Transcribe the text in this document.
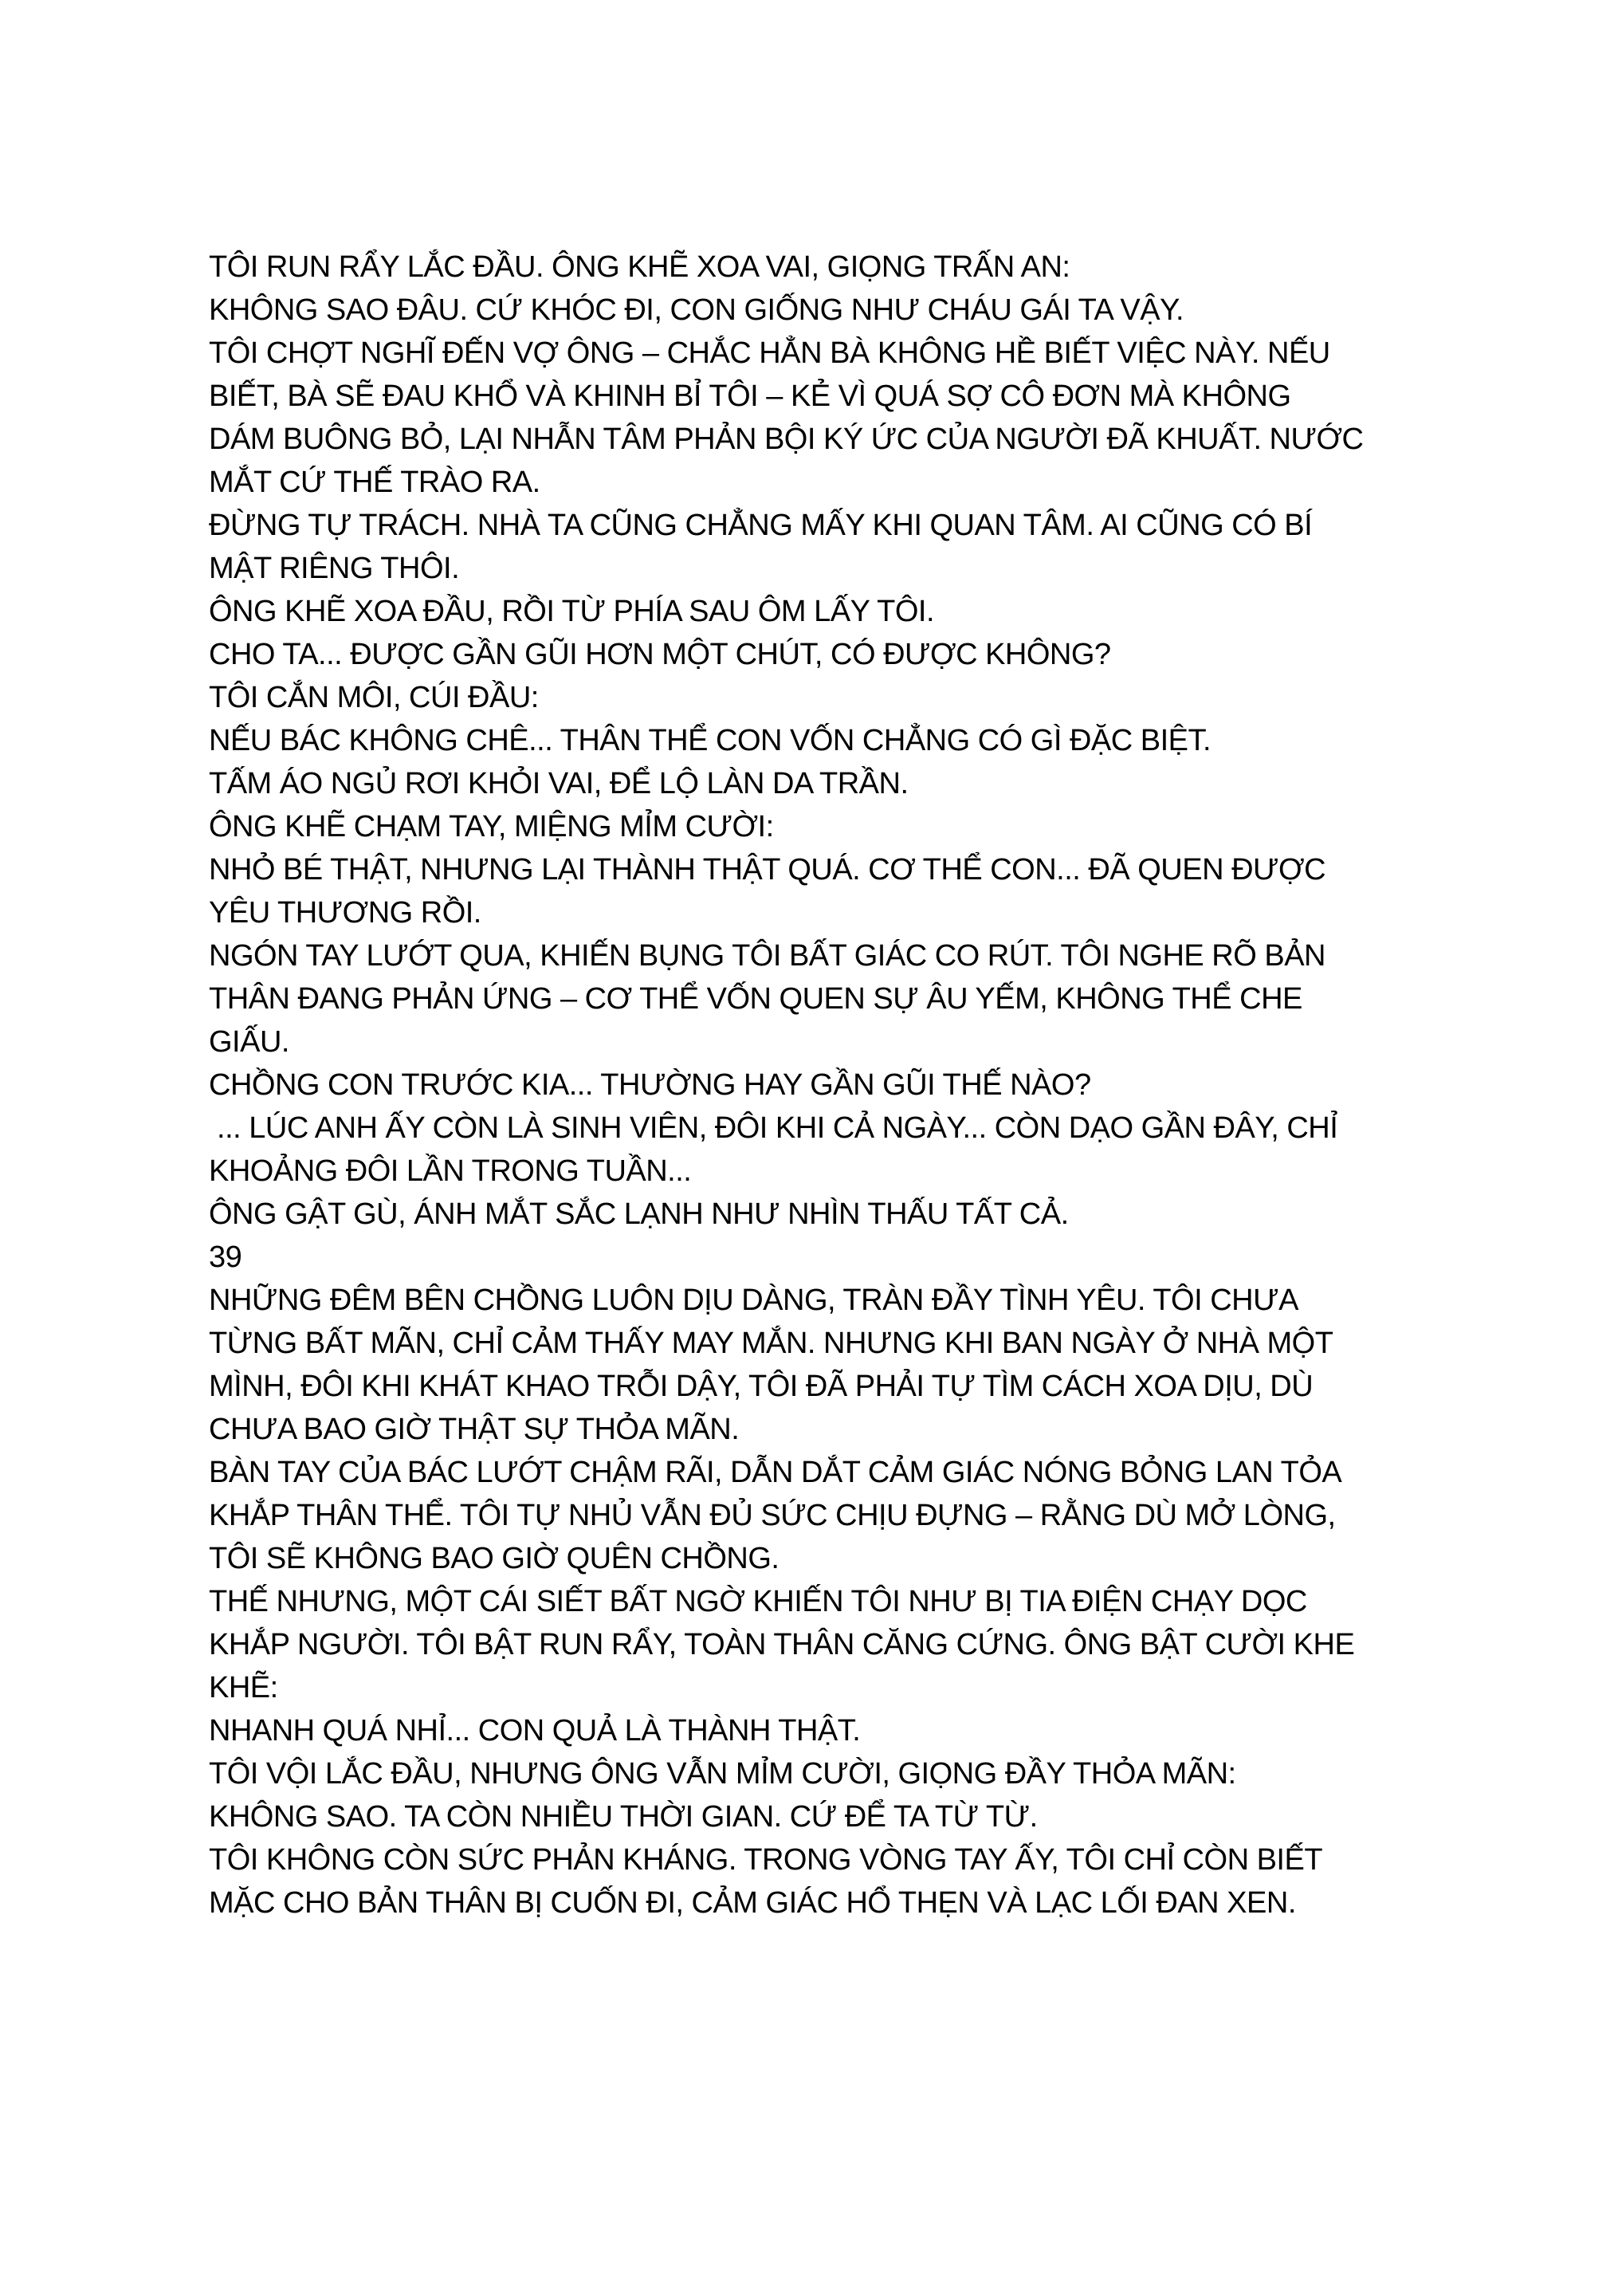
TÔI RUN RẨY LẮC ĐẦU. ÔNG KHẼ XOA VAI, GIỌNG TRẤN AN:
KHÔNG SAO ĐÂU. CỨ KHÓC ĐI, CON GIỐNG NHƯ CHÁU GÁI TA VẬY.
TÔI CHỢT NGHĨ ĐẾN VỢ ÔNG – CHẮC HẲN BÀ KHÔNG HỀ BIẾT VIỆC NÀY. NẾU
BIẾT, BÀ SẼ ĐAU KHỔ VÀ KHINH BỈ TÔI – KẺ VÌ QUÁ SỢ CÔ ĐƠN MÀ KHÔNG
DÁM BUÔNG BỎ, LẠI NHẪN TÂM PHẢN BỘI KÝ ỨC CỦA NGƯỜI ĐÃ KHUẤT. NƯỚC
MẮT CỨ THẾ TRÀO RA.
ĐỪNG TỰ TRÁCH. NHÀ TA CŨNG CHẲNG MẤY KHI QUAN TÂM. AI CŨNG CÓ BÍ
MẬT RIÊNG THÔI.
ÔNG KHẼ XOA ĐẦU, RỒI TỪ PHÍA SAU ÔM LẤY TÔI.
CHO TA... ĐƯỢC GẦN GŨI HƠN MỘT CHÚT, CÓ ĐƯỢC KHÔNG?
TÔI CẮN MÔI, CÚI ĐẦU:
NẾU BÁC KHÔNG CHÊ... THÂN THỂ CON VỐN CHẲNG CÓ GÌ ĐẶC BIỆT.
TẤM ÁO NGỦ RƠI KHỎI VAI, ĐỂ LỘ LÀN DA TRẦN.
ÔNG KHẼ CHẠM TAY, MIỆNG MỈM CƯỜI:
NHỎ BÉ THẬT, NHƯNG LẠI THÀNH THẬT QUÁ. CƠ THỂ CON... ĐÃ QUEN ĐƯỢC
YÊU THƯƠNG RỒI.
NGÓN TAY LƯỚT QUA, KHIẾN BỤNG TÔI BẤT GIÁC CO RÚT. TÔI NGHE RÕ BẢN
THÂN ĐANG PHẢN ỨNG – CƠ THỂ VỐN QUEN SỰ ÂU YẾM, KHÔNG THỂ CHE
GIẤU.
CHỒNG CON TRƯỚC KIA... THƯỜNG HAY GẦN GŨI THẾ NÀO?
... LÚC ANH ẤY CÒN LÀ SINH VIÊN, ĐÔI KHI CẢ NGÀY... CÒN DẠO GẦN ĐÂY, CHỈ
KHOẢNG ĐÔI LẦN TRONG TUẦN...
ÔNG GẬT GÙ, ÁNH MẮT SẮC LẠNH NHƯ NHÌN THẤU TẤT CẢ.
39
NHỮNG ĐÊM BÊN CHỒNG LUÔN DỊU DÀNG, TRÀN ĐẦY TÌNH YÊU. TÔI CHƯA
TỪNG BẤT MÃN, CHỈ CẢM THẤY MAY MẮN. NHƯNG KHI BAN NGÀY Ở NHÀ MỘT
MÌNH, ĐÔI KHI KHÁT KHAO TRỖI DẬY, TÔI ĐÃ PHẢI TỰ TÌM CÁCH XOA DỊU, DÙ
CHƯA BAO GIỜ THẬT SỰ THỎA MÃN.
BÀN TAY CỦA BÁC LƯỚT CHẬM RÃI, DẪN DẮT CẢM GIÁC NÓNG BỎNG LAN TỎA
KHẮP THÂN THỂ. TÔI TỰ NHỦ VẪN ĐỦ SỨC CHỊU ĐỰNG – RẰNG DÙ MỞ LÒNG,
TÔI SẼ KHÔNG BAO GIỜ QUÊN CHỒNG.
THẾ NHƯNG, MỘT CÁI SIẾT BẤT NGỜ KHIẾN TÔI NHƯ BỊ TIA ĐIỆN CHẠY DỌC
KHẮP NGƯỜI. TÔI BẬT RUN RẨY, TOÀN THÂN CĂNG CỨNG. ÔNG BẬT CƯỜI KHE
KHẼ:
NHANH QUÁ NHỈ... CON QUẢ LÀ THÀNH THẬT.
TÔI VỘI LẮC ĐẦU, NHƯNG ÔNG VẪN MỈM CƯỜI, GIỌNG ĐẦY THỎA MÃN:
KHÔNG SAO. TA CÒN NHIỀU THỜI GIAN. CỨ ĐỂ TA TỪ TỪ.
TÔI KHÔNG CÒN SỨC PHẢN KHÁNG. TRONG VÒNG TAY ẤY, TÔI CHỈ CÒN BIẾT
MẶC CHO BẢN THÂN BỊ CUỐN ĐI, CẢM GIÁC HỔ THẸN VÀ LẠC LỐI ĐAN XEN.
